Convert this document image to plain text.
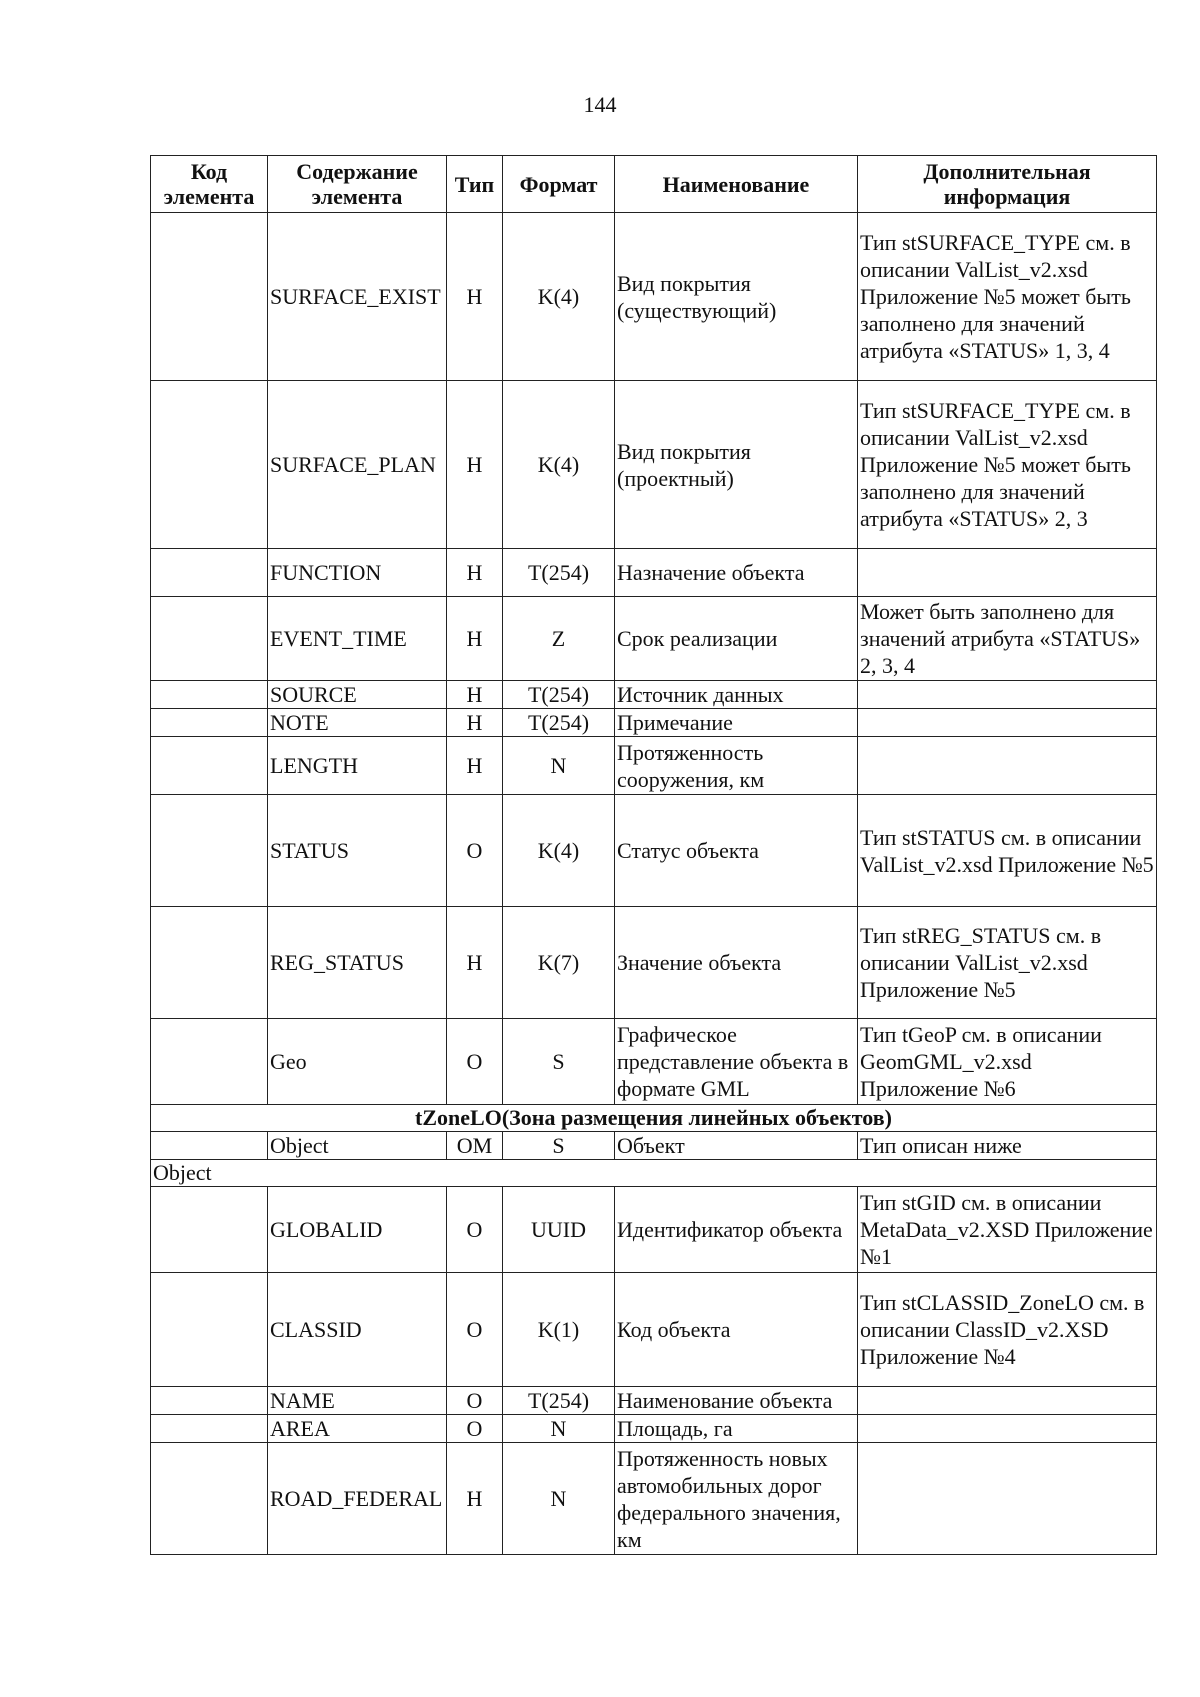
144
Код элемента	Содержание элемента	Тип	Формат	Наименование	Дополнительная информация
	SURFACE_EXIST	Н	K(4)	Вид покрытия (существующий)	Тип stSURFACE_TYPE см. в описании ValList_v2.xsd Приложение №5 может быть заполнено для значений атрибута «STATUS» 1, 3, 4
	SURFACE_PLAN	Н	K(4)	Вид покрытия (проектный)	Тип stSURFACE_TYPE см. в описании ValList_v2.xsd Приложение №5 может быть заполнено для значений атрибута «STATUS» 2, 3
	FUNCTION	Н	T(254)	Назначение объекта	
	EVENT_TIME	Н	Z	Срок реализации	Может быть заполнено для значений атрибута «STATUS» 2, 3, 4
	SOURCE	Н	T(254)	Источник данных	
	NOTE	Н	T(254)	Примечание	
	LENGTH	Н	N	Протяженность сооружения, км	
	STATUS	О	K(4)	Статус объекта	Тип stSTATUS см. в описании ValList_v2.xsd Приложение №5
	REG_STATUS	Н	K(7)	Значение объекта	Тип stREG_STATUS см. в описании ValList_v2.xsd Приложение №5
	Geo	О	S	Графическое представление объекта в формате GML	Тип tGeoP см. в описании GeomGML_v2.xsd Приложение №6
tZoneLO(Зона размещения линейных объектов)					
	Object	ОМ	S	Объект	Тип описан ниже
Object					
	GLOBALID	О	UUID	Идентификатор объекта	Тип stGID см. в описании MetaData_v2.XSD Приложение №1
	CLASSID	О	K(1)	Код объекта	Тип stCLASSID_ZoneLO см. в описании ClassID_v2.XSD Приложение №4
	NAME	О	T(254)	Наименование объекта	
	AREA	О	N	Площадь, га	
	ROAD_FEDERAL	Н	N	Протяженность новых автомобильных дорог федерального значения, км	
